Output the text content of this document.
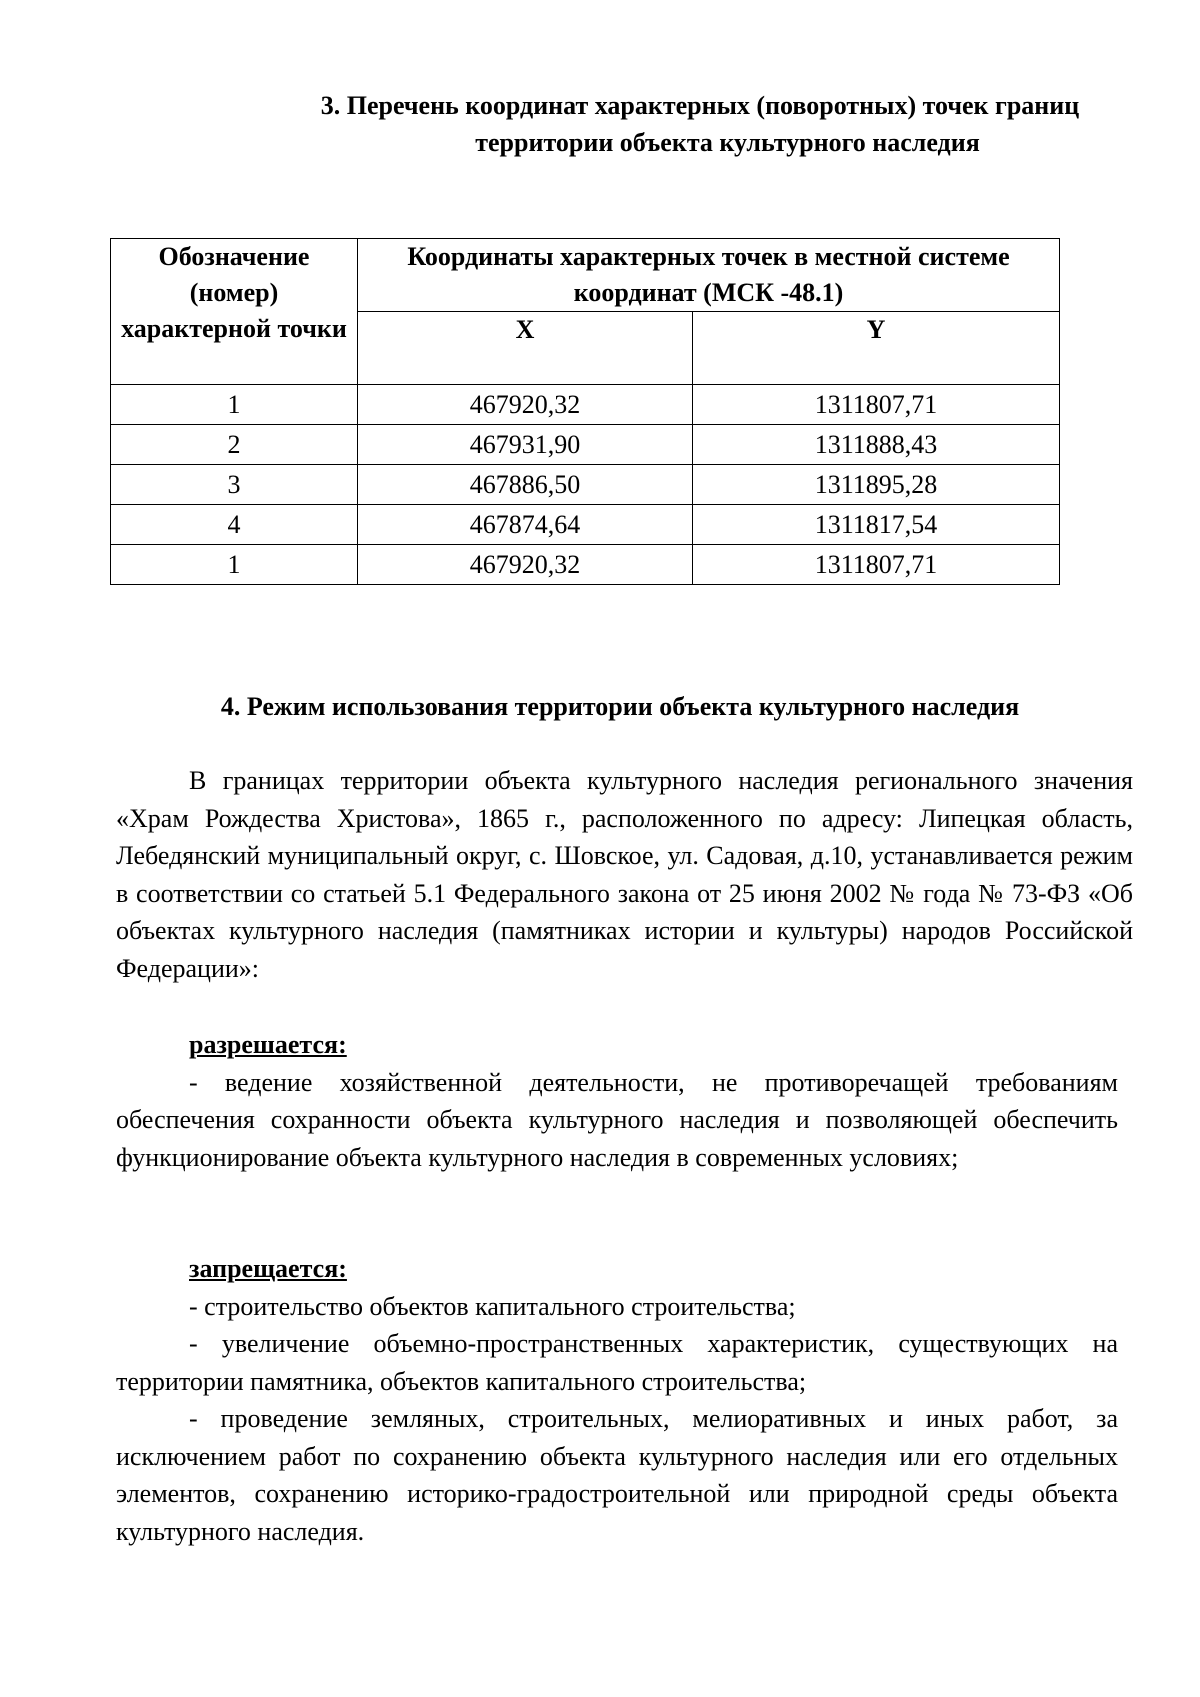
3. Перечень координат характерных (поворотных) точек границ
территории объекта культурного наследия
Обозначение (номер) характерной точки	Координаты характерных точек в местной системе координат (МСК -48.1)	
	X	Y
1	467920,32	1311807,71
2	467931,90	1311888,43
3	467886,50	1311895,28
4	467874,64	1311817,54
1	467920,32	1311807,71
4. Режим использования территории объекта культурного наследия

В границах территории объекта культурного наследия регионального значения «Храм Рождества Христова», 1865 г., расположенного по адресу: Липецкая область, Лебедянский муниципальный округ, с. Шовское, ул. Садовая, д.10, устанавливается режим в соответствии со статьей 5.1 Федерального закона от 25 июня 2002 № года № 73-ФЗ «Об объектах культурного наследия (памятниках истории и культуры) народов Российской Федерации»:

разрешается:

- ведение хозяйственной деятельности, не противоречащей требованиям обеспечения сохранности объекта культурного наследия и позволяющей обеспечить функционирование объекта культурного наследия в современных условиях;

запрещается:

- строительство объектов капитального строительства;

- увеличение объемно-пространственных характеристик, существующих на территории памятника, объектов капитального строительства;

- проведение земляных, строительных, мелиоративных и иных работ, за исключением работ по сохранению объекта культурного наследия или его отдельных элементов, сохранению историко-градостроительной или природной среды объекта культурного наследия.
